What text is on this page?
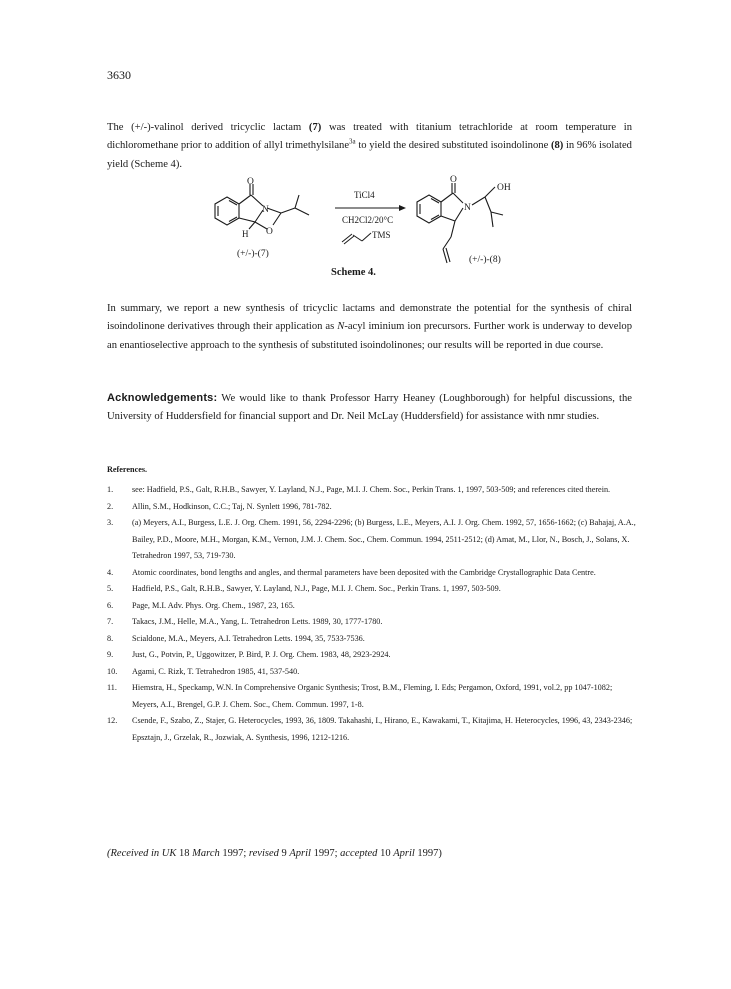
3630

The (+/-)-valinol derived tricyclic lactam (7) was treated with titanium tetrachloride at room temperature in dichloromethane prior to addition of allyl trimethylsilane$^{3a}$ to yield the desired substituted isoindolinone (8) in 96% isolated yield (Scheme 4).

O
N
H O
(+/-)-(7)
TiCl4
CH2Cl2/20°C
TMS
Scheme 4.
O
N
OH
(+/-)-(8)

In summary, we report a new synthesis of tricyclic lactams and demonstrate the potential for the synthesis of chiral isoindolinone derivatives through their application as N-acyl iminium ion precursors. Further work is underway to develop an enantioselective approach to the synthesis of substituted isoindolinones; our results will be reported in due course.

Acknowledgements: We would like to thank Professor Harry Heaney (Loughborough) for helpful discussions, the University of Huddersfield for financial support and Dr. Neil McLay (Huddersfield) for assistance with nmr studies.

References.

1. see: Hadfield, P.S., Galt, R.H.B., Sawyer, Y. Layland, N.J., Page, M.I. J. Chem. Soc., Perkin Trans. 1, 1997, 503-509; and references cited therein.

2. Allin, S.M., Hodkinson, C.C.; Taj, N. Synlett 1996, 781-782.

3. (a) Meyers, A.I., Burgess, L.E. J. Org. Chem. 1991, 56, 2294-2296; (b) Burgess, L.E., Meyers, A.I. J. Org. Chem. 1992, 57, 1656-1662; (c) Bahajaj, A.A., Bailey, P.D., Moore, M.H., Morgan, K.M., Vernon, J.M. J. Chem. Soc., Chem. Commun. 1994, 2511-2512; (d) Amat, M., Llor, N., Bosch, J., Solans, X. Tetrahedron 1997, 53, 719-730.

4. Atomic coordinates, bond lengths and angles, and thermal parameters have been deposited with the Cambridge Crystallographic Data Centre.

5. Hadfield, P.S., Galt, R.H.B., Sawyer, Y. Layland, N.J., Page, M.I. J. Chem. Soc., Perkin Trans. 1, 1997, 503-509.

6. Page, M.I. Adv. Phys. Org. Chem., 1987, 23, 165.

7. Takacs, J.M., Helle, M.A., Yang, L. Tetrahedron Letts. 1989, 30, 1777-1780.

8. Scialdone, M.A., Meyers, A.I. Tetrahedron Letts. 1994, 35, 7533-7536.

9. Just, G., Potvin, P., Uggowitzer, P. Bird, P. J. Org. Chem. 1983, 48, 2923-2924.

10. Agami, C. Rizk, T. Tetrahedron 1985, 41, 537-540.

11. Hiemstra, H., Speckamp, W.N. In Comprehensive Organic Synthesis; Trost, B.M., Fleming, I. Eds; Pergamon, Oxford, 1991, vol.2, pp 1047-1082; Meyers, A.I., Brengel, G.P. J. Chem. Soc., Chem. Commun. 1997, 1-8.

12. Csende, F., Szabo, Z., Stajer, G. Heterocycles, 1993, 36, 1809. Takahashi, I., Hirano, E., Kawakami, T., Kitajima, H. Heterocycles, 1996, 43, 2343-2346; Epsztajn, J., Grzelak, R., Jozwiak, A. Synthesis, 1996, 1212-1216.

(Received in UK 18 March 1997; revised 9 April 1997; accepted 10 April 1997)
